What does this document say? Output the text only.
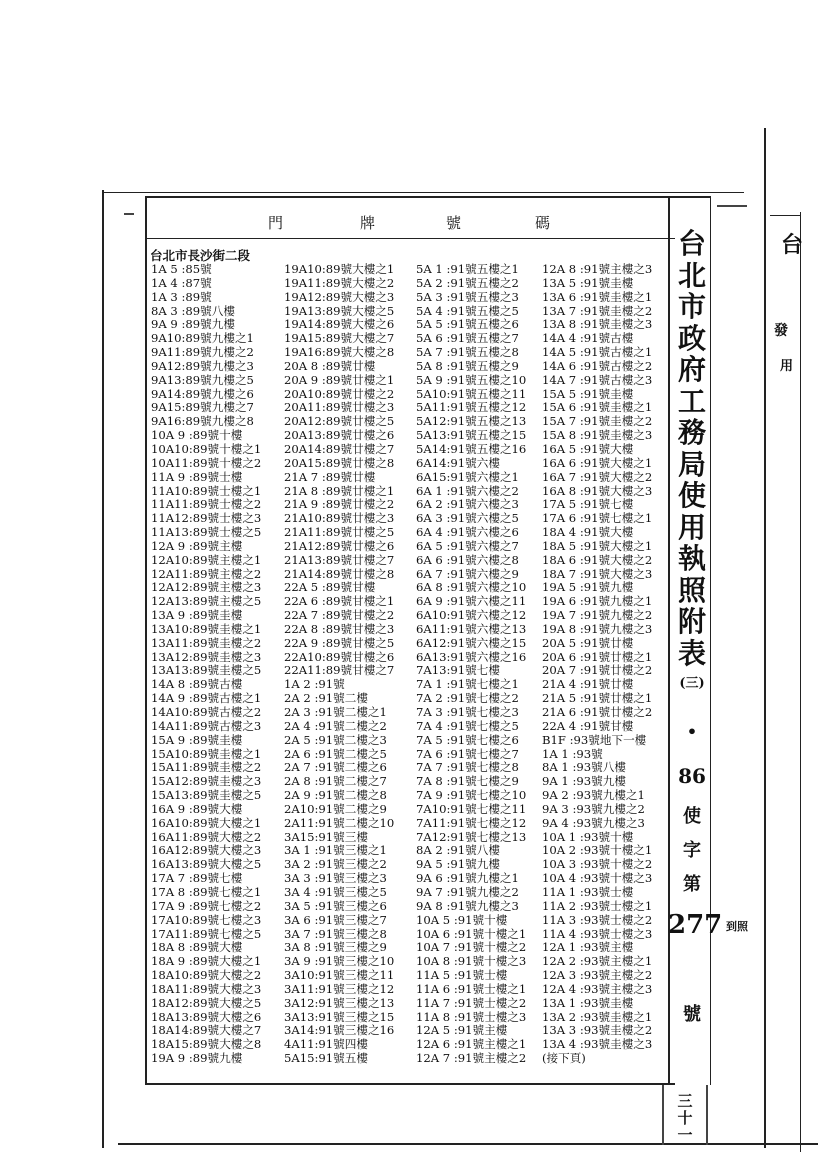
門	牌	號	碼
台北市長沙街二段
1A 5 :85號
1A 4 :87號
1A 3 :89號
8A 3 :89號八樓
9A 9 :89號九樓
9A10:89號九樓之1
9A11:89號九樓之2
9A12:89號九樓之3
9A13:89號九樓之5
9A14:89號九樓之6
9A15:89號九樓之7
9A16:89號九樓之8
10A 9 :89號十樓
10A10:89號十樓之1
10A11:89號十樓之2
11A 9 :89號士樓
11A10:89號士樓之1
11A11:89號士樓之2
11A12:89號士樓之3
11A13:89號士樓之5
12A 9 :89號主樓
12A10:89號主樓之1
12A11:89號主樓之2
12A12:89號主樓之3
12A13:89號主樓之5
13A 9 :89號圭樓
13A10:89號圭樓之1
13A11:89號圭樓之2
13A12:89號圭樓之3
13A13:89號圭樓之5
14A 8 :89號古樓
14A 9 :89號古樓之1
14A10:89號古樓之2
14A11:89號古樓之3
15A 9 :89號圭樓
15A10:89號圭樓之1
15A11:89號圭樓之2
15A12:89號圭樓之3
15A13:89號圭樓之5
16A 9 :89號大樓
16A10:89號大樓之1
16A11:89號大樓之2
16A12:89號大樓之3
16A13:89號大樓之5
17A 7 :89號七樓
17A 8 :89號七樓之1
17A 9 :89號七樓之2
17A10:89號七樓之3
17A11:89號七樓之5
18A 8 :89號大樓
18A 9 :89號大樓之1
18A10:89號大樓之2
18A11:89號大樓之3
18A12:89號大樓之5
18A13:89號大樓之6
18A14:89號大樓之7
18A15:89號大樓之8
19A 9 :89號九樓
19A10:89號大樓之1
19A11:89號大樓之2
19A12:89號大樓之3
19A13:89號大樓之5
19A14:89號大樓之6
19A15:89號大樓之7
19A16:89號大樓之8
20A 8 :89號廿樓
20A 9 :89號廿樓之1
20A10:89號廿樓之2
20A11:89號廿樓之3
20A12:89號廿樓之5
20A13:89號廿樓之6
20A14:89號廿樓之7
20A15:89號廿樓之8
21A 7 :89號廿樓
21A 8 :89號廿樓之1
21A 9 :89號廿樓之2
21A10:89號廿樓之3
21A11:89號廿樓之5
21A12:89號廿樓之6
21A13:89號廿樓之7
21A14:89號廿樓之8
22A 5 :89號甘樓
22A 6 :89號甘樓之1
22A 7 :89號甘樓之2
22A 8 :89號甘樓之3
22A 9 :89號甘樓之5
22A10:89號甘樓之6
22A11:89號甘樓之7
1A 2 :91號
2A 2 :91號二樓
2A 3 :91號二樓之1
2A 4 :91號二樓之2
2A 5 :91號二樓之3
2A 6 :91號二樓之5
2A 7 :91號二樓之6
2A 8 :91號二樓之7
2A 9 :91號二樓之8
2A10:91號二樓之9
2A11:91號二樓之10
3A15:91號三樓
3A 1 :91號三樓之1
3A 2 :91號三樓之2
3A 3 :91號三樓之3
3A 4 :91號三樓之5
3A 5 :91號三樓之6
3A 6 :91號三樓之7
3A 7 :91號三樓之8
3A 8 :91號三樓之9
3A 9 :91號三樓之10
3A10:91號三樓之11
3A11:91號三樓之12
3A12:91號三樓之13
3A13:91號三樓之15
3A14:91號三樓之16
4A11:91號四樓
5A15:91號五樓
5A 1 :91號五樓之1
5A 2 :91號五樓之2
5A 3 :91號五樓之3
5A 4 :91號五樓之5
5A 5 :91號五樓之6
5A 6 :91號五樓之7
5A 7 :91號五樓之8
5A 8 :91號五樓之9
5A 9 :91號五樓之10
5A10:91號五樓之11
5A11:91號五樓之12
5A12:91號五樓之13
5A13:91號五樓之15
5A14:91號五樓之16
6A14:91號六樓
6A15:91號六樓之1
6A 1 :91號六樓之2
6A 2 :91號六樓之3
6A 3 :91號六樓之5
6A 4 :91號六樓之6
6A 5 :91號六樓之7
6A 6 :91號六樓之8
6A 7 :91號六樓之9
6A 8 :91號六樓之10
6A 9 :91號六樓之11
6A10:91號六樓之12
6A11:91號六樓之13
6A12:91號六樓之15
6A13:91號六樓之16
7A13:91號七樓
7A 1 :91號七樓之1
7A 2 :91號七樓之2
7A 3 :91號七樓之3
7A 4 :91號七樓之5
7A 5 :91號七樓之6
7A 6 :91號七樓之7
7A 7 :91號七樓之8
7A 8 :91號七樓之9
7A 9 :91號七樓之10
7A10:91號七樓之11
7A11:91號七樓之12
7A12:91號七樓之13
8A 2 :91號八樓
9A 5 :91號九樓
9A 6 :91號九樓之1
9A 7 :91號九樓之2
9A 8 :91號九樓之3
10A 5 :91號十樓
10A 6 :91號十樓之1
10A 7 :91號十樓之2
10A 8 :91號十樓之3
11A 5 :91號士樓
11A 6 :91號士樓之1
11A 7 :91號士樓之2
11A 8 :91號士樓之3
12A 5 :91號主樓
12A 6 :91號主樓之1
12A 7 :91號主樓之2
12A 8 :91號主樓之3
13A 5 :91號圭樓
13A 6 :91號圭樓之1
13A 7 :91號圭樓之2
13A 8 :91號圭樓之3
14A 4 :91號古樓
14A 5 :91號古樓之1
14A 6 :91號古樓之2
14A 7 :91號古樓之3
15A 5 :91號圭樓
15A 6 :91號圭樓之1
15A 7 :91號圭樓之2
15A 8 :91號圭樓之3
16A 5 :91號大樓
16A 6 :91號大樓之1
16A 7 :91號大樓之2
16A 8 :91號大樓之3
17A 5 :91號七樓
17A 6 :91號七樓之1
18A 4 :91號大樓
18A 5 :91號大樓之1
18A 6 :91號大樓之2
18A 7 :91號大樓之3
19A 5 :91號九樓
19A 6 :91號九樓之1
19A 7 :91號九樓之2
19A 8 :91號九樓之3
20A 5 :91號廿樓
20A 6 :91號廿樓之1
20A 7 :91號廿樓之2
21A 4 :91號廿樓
21A 5 :91號廿樓之1
21A 6 :91號廿樓之2
22A 4 :91號甘樓
B1F :93號地下一樓
1A 1 :93號
8A 1 :93號八樓
9A 1 :93號九樓
9A 2 :93號九樓之1
9A 3 :93號九樓之2
9A 4 :93號九樓之3
10A 1 :93號十樓
10A 2 :93號十樓之1
10A 3 :93號十樓之2
10A 4 :93號十樓之3
11A 1 :93號士樓
11A 2 :93號士樓之1
11A 3 :93號士樓之2
11A 4 :93號士樓之3
12A 1 :93號主樓
12A 2 :93號主樓之1
12A 3 :93號主樓之2
12A 4 :93號主樓之3
13A 1 :93號圭樓
13A 2 :93號圭樓之1
13A 3 :93號圭樓之2
13A 4 :93號圭樓之3
(接下頁)
台
北
市
政
府
工
務
局
使
用
執
照
附
表
(三)
•
86
使
字
第
277 到照
號
三十一
台
發
用
